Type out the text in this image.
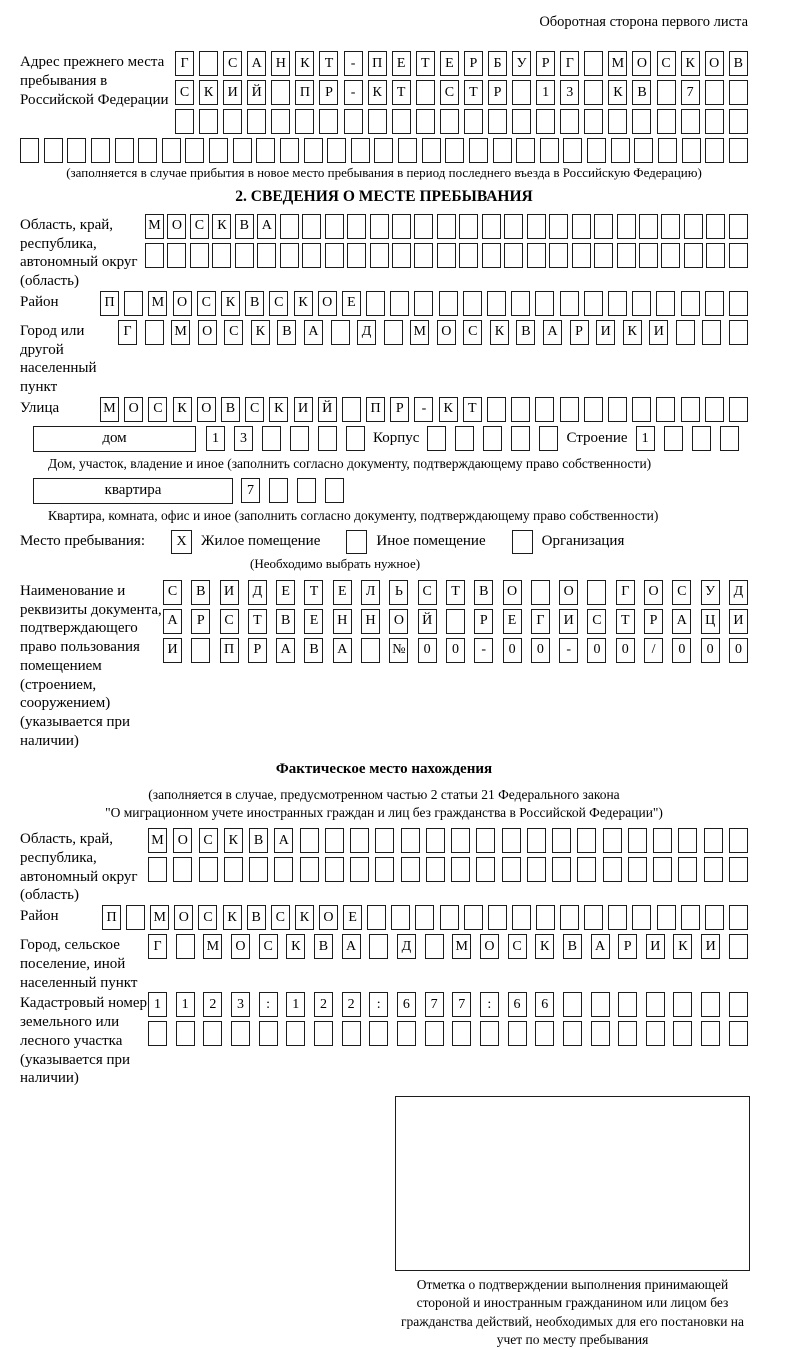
Оборотная сторона первого листа
Адрес прежнего места пребывания в Российской Федерации
Г	С	А Н	К	Т	-	П	Е	Т	Е	Р	Б	У	Р	Г	М О	С	К	О	В
С	К	И Й	П	Р	-	К	Т	С	Т	Р	1	3	К	В	7
(заполняется в случае прибытия в новое место пребывания в период последнего въезда в Российскую Федерацию)
2. СВЕДЕНИЯ О МЕСТЕ ПРЕБЫВАНИЯ
Область, край, республика, автономный округ (область)
М О С К В А
Район	П	М О	С	К	В	С	К	О	Е
Город или другой населенный пункт
Г	М	О	С	К	В	А	Д	М	О	С	К	В	А	Р	И	К	И
Улица	М О	С	К	О	В	С	К	И	Й	П	Р	-	К	Т
дом	1	3	Корпус	Строение	1
Дом, участок, владение и иное (заполнить согласно документу, подтверждающему право собственности)
квартира	7
Квартира, комната, офис и иное (заполнить согласно документу, подтверждающему право собственности)
Место пребывания:	X Жилое помещение	Иное помещение	Организация
(Необходимо выбрать нужное)
Наименование и реквизиты документа, подтверждающего право пользования помещением (строением, сооружением) (указывается при наличии)
С	В	И	Д	Е	Т	Е	Л	Ь	С	Т	В	О	О	Г	О	С	У	Д
А	Р	С	Т	В	Е	Н	Н	О	Й	Р	Е	Г	И	С	Т	Р	А	Ц	И
И	П	Р	А	В	А	№	0	0	-	0	0	-	0	0	/	0	0	0
Фактическое место нахождения
(заполняется в случае, предусмотренном частью 2 статьи 21 Федерального закона
"О миграционном учете иностранных граждан и лиц без гражданства в Российской Федерации")
Область, край, республика, автономный округ (область)
М О	С	К	В	А
Район	П	М О	С	К	В	С	К	О	Е
Город, сельское поселение, иной населенный пункт
Г	М	О	С	К	В	А	Д	М	О	С	К	В	А	Р	И	К	И
Кадастровый номер земельного или лесного участка (указывается при наличии)
1	1	2	3	:	1	2	2	:	6	7	7	:	6	6
Отметка о подтверждении выполнения принимающей стороной и иностранным гражданином или лицом без гражданства действий, необходимых для его постановки на учет по месту пребывания
